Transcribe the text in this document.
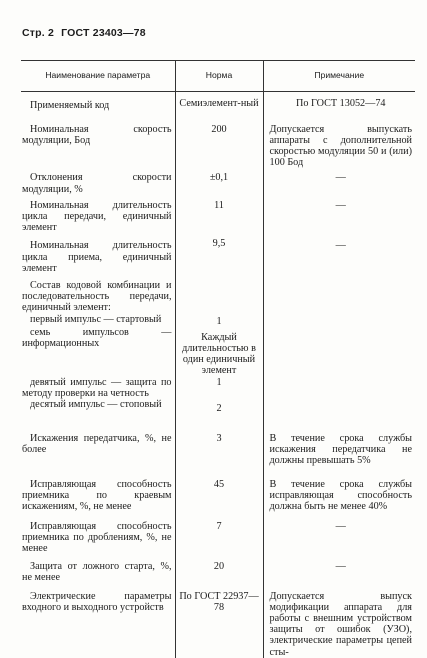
Стр. 2 ГОСТ 23403—78
Наименование параметра	Норма	Примечание

Применяемый код	Семиэлемент-ный	По ГОСТ 13052—74

Номинальная скорость модуляции, Бод	200	Допускается выпускать аппараты с дополнительной скоростью модуляции 50 и (или) 100 Бод

Отклонения скорости модуляции, %	±0,1	—

Номинальная длительность цикла передачи, единичный элемент	11	—

Номинальная длительность цикла приема, единичный элемент	9,5	—

Состав кодовой комбинации и последовательность передачи, единичный элемент:		

первый импульс — стартовый	1	

семь импульсов — информационных	Каждый длительностью в один единичный элемент	

девятый импульс — защита по методу проверки на четность	1	

десятый импульс — стоповый	2	

Искажения передатчика, %, не более	3	В течение срока службы искажения передатчика не должны превышать 5%

Исправляющая способность приемника по краевым искажениям, %, не менее	45	В течение срока службы исправляющая способность должна быть не менее 40%

Исправляющая способность приемника по дроблениям, %, не менее	7	—

Защита от ложного старта, %, не менее	20	—

Электрические параметры входного и выходного устройств	По ГОСТ 22937—78	Допускается выпуск модификации аппарата для работы с внешним устройством защиты от ошибок (УЗО), электрические параметры цепей сты-
